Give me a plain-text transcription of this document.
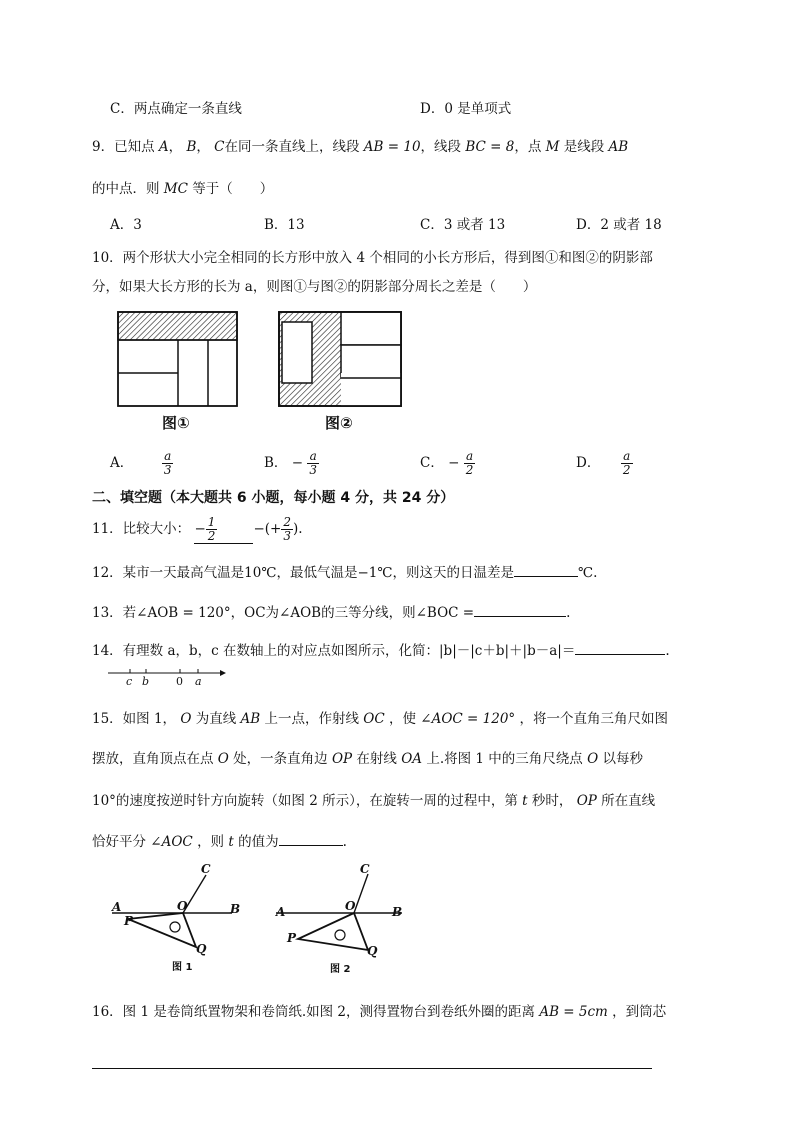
C．两点确定一条直线	D．0 是单项式
9．已知点 A， B， C在同一条直线上，线段 AB = 10，线段 BC = 8，点 M 是线段 AB
的中点．则 MC 等于（　　）
A．3	B．13	C．3 或者 13	D．2 或者 18
10．两个形状大小完全相同的长方形中放入 4 个相同的小长方形后，得到图①和图②的阴影部
分，如果大长方形的长为 a，则图①与图②的阴影部分周长之差是（　　）
图①	图②
A． $\frac{a}{3}$	B． − $\frac{a}{3}$	C． − $\frac{a}{2}$	D． $\frac{a}{2}$
二、填空题（本大题共 6 小题，每小题 4 分，共 24 分）
11．比较大小： − $\frac{1}{2}$	−(+ $\frac{2}{3}$ ).
12．某市一天最高气温是10℃，最低气温是−1℃，则这天的日温差是	℃.
13．若∠AOB = 120°，OC为∠AOB的三等分线，则∠BOC =	.
14．有理数 a，b，c 在数轴上的对应点如图所示，化简：|b|－|c＋b|＋|b－a|＝	.
c b 0 a
15．如图 1， O 为直线 AB 上一点，作射线 OC ，使 ∠AOC = 120° ，将一个直角三角尺如图
摆放，直角顶点在点 O 处，一条直角边 OP 在射线 OA 上.将图 1 中的三角尺绕点 O 以每秒
10°的速度按逆时针方向旋转（如图 2 所示），在旋转一周的过程中，第 t 秒时， OP 所在直线
恰好平分 ∠AOC ，则 t 的值为	.
C
A	O	B
P
Q
图 1
C
A	O	B
P
Q
图 2
16．图 1 是卷筒纸置物架和卷筒纸.如图 2，测得置物台到卷纸外圈的距离 AB = 5cm ，到筒芯
